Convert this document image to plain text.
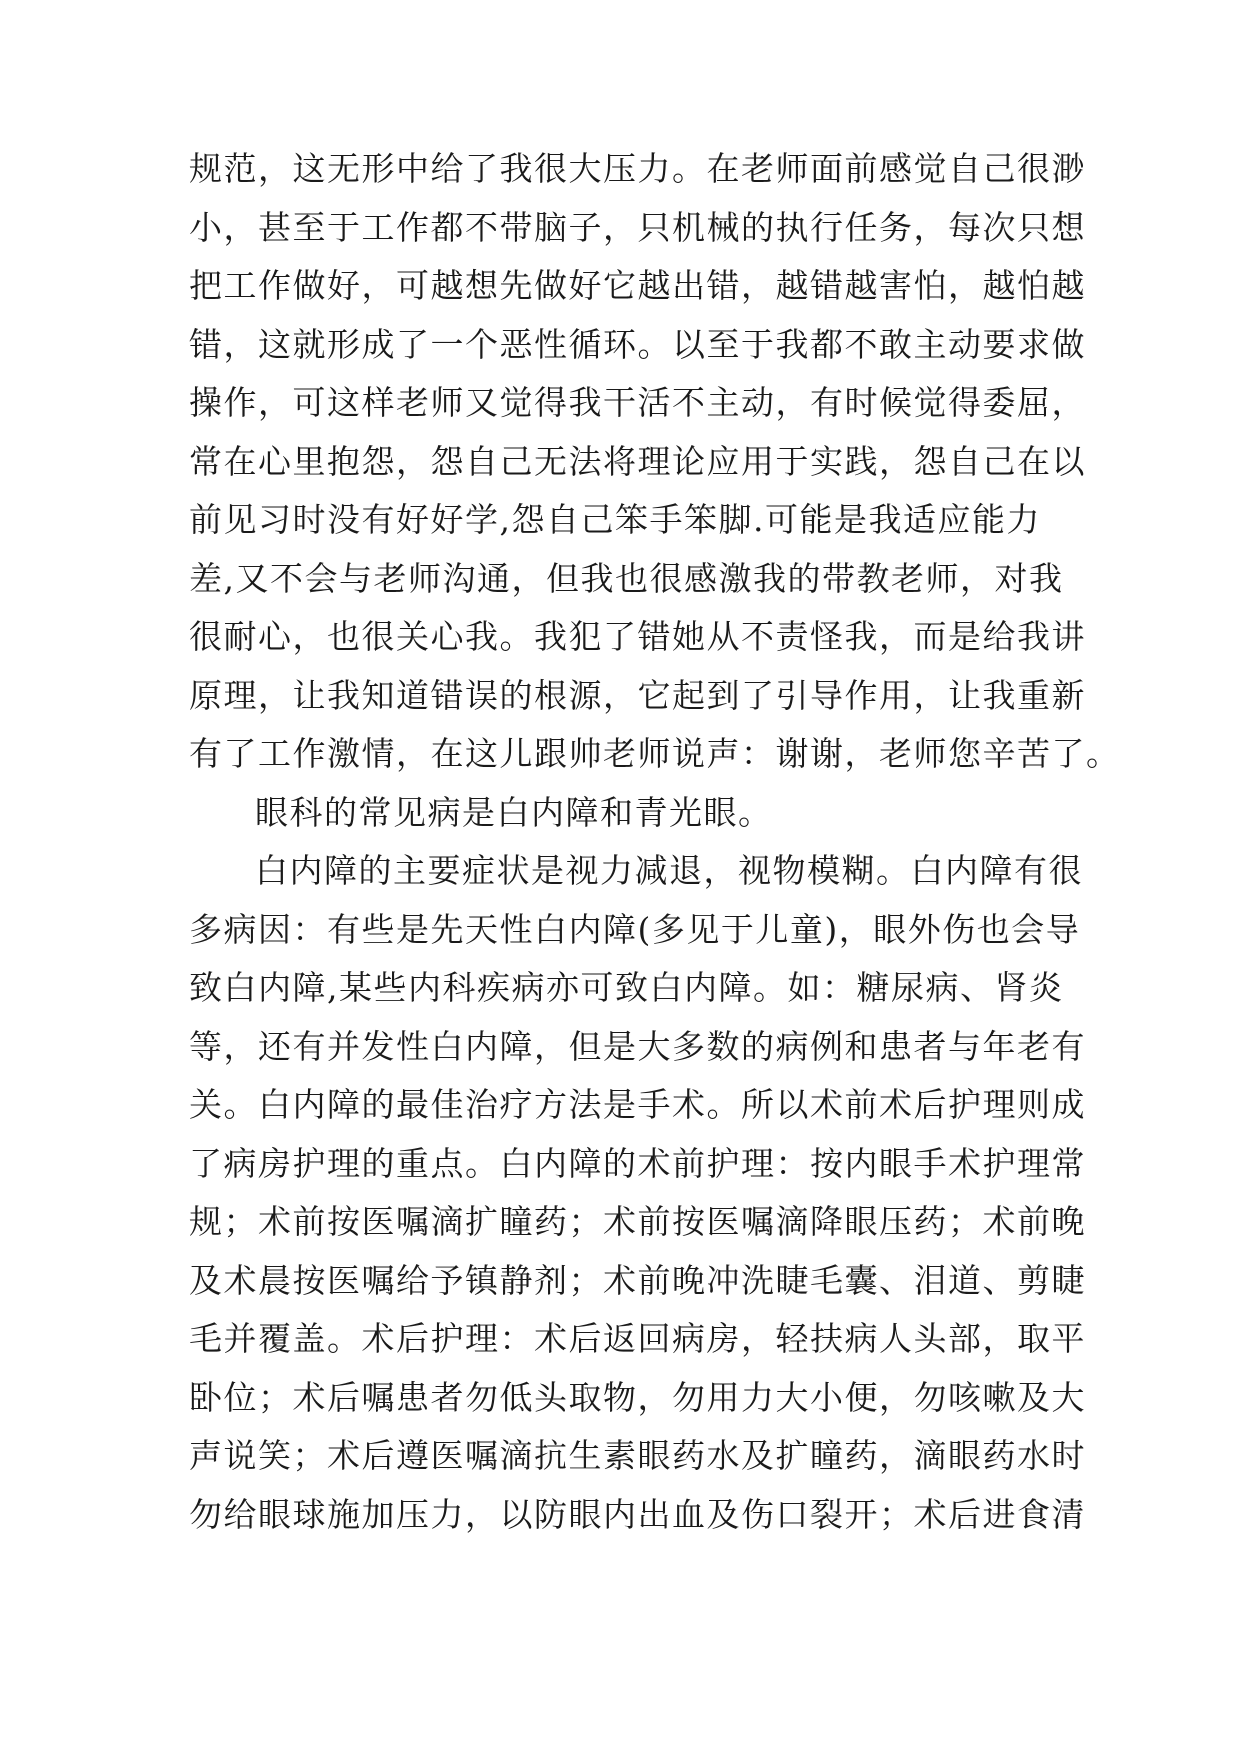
规范，这无形中给了我很大压力。在老师面前感觉自己很渺
小，甚至于工作都不带脑子，只机械的执行任务，每次只想
把工作做好，可越想先做好它越出错，越错越害怕，越怕越
错，这就形成了一个恶性循环。以至于我都不敢主动要求做
操作，可这样老师又觉得我干活不主动，有时候觉得委屈，
常在心里抱怨，怨自己无法将理论应用于实践，怨自己在以
前见习时没有好好学,怨自己笨手笨脚.可能是我适应能力
差,又不会与老师沟通，但我也很感激我的带教老师，对我
很耐心，也很关心我。我犯了错她从不责怪我，而是给我讲
原理，让我知道错误的根源，它起到了引导作用，让我重新
有了工作激情，在这儿跟帅老师说声：谢谢，老师您辛苦了。
眼科的常见病是白内障和青光眼。
白内障的主要症状是视力减退，视物模糊。白内障有很
多病因：有些是先天性白内障(多见于儿童)，眼外伤也会导
致白内障,某些内科疾病亦可致白内障。如：糖尿病、肾炎
等，还有并发性白内障，但是大多数的病例和患者与年老有
关。白内障的最佳治疗方法是手术。所以术前术后护理则成
了病房护理的重点。白内障的术前护理：按内眼手术护理常
规；术前按医嘱滴扩瞳药；术前按医嘱滴降眼压药；术前晚
及术晨按医嘱给予镇静剂；术前晚冲洗睫毛囊、泪道、剪睫
毛并覆盖。术后护理：术后返回病房，轻扶病人头部，取平
卧位；术后嘱患者勿低头取物，勿用力大小便，勿咳嗽及大
声说笑；术后遵医嘱滴抗生素眼药水及扩瞳药，滴眼药水时
勿给眼球施加压力，以防眼内出血及伤口裂开；术后进食清
